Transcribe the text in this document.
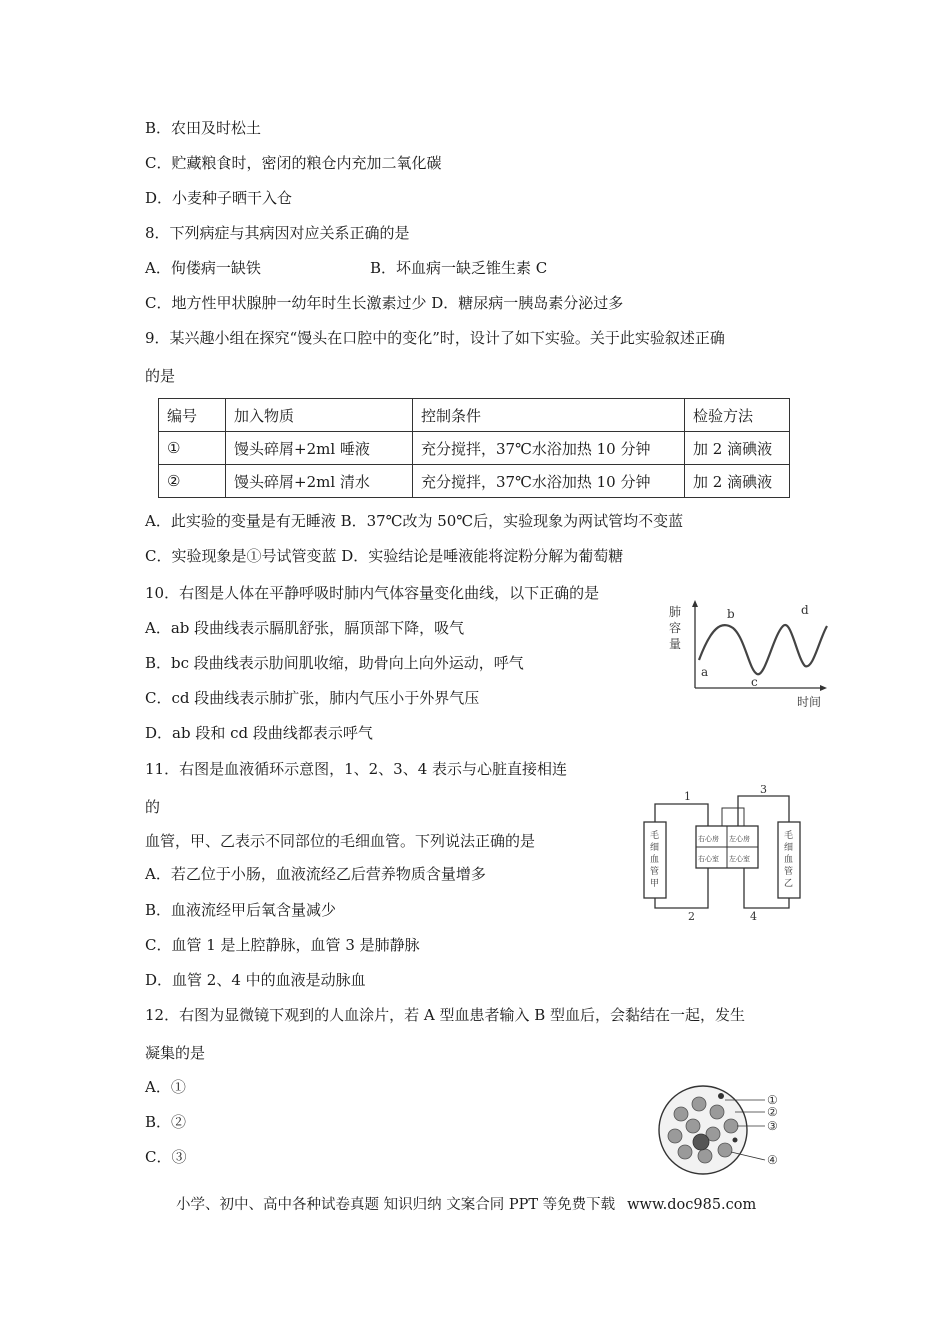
B．农田及时松土
C．贮藏粮食时，密闭的粮仓内充加二氧化碳
D．小麦种子晒干入仓
8．下列病症与其病因对应关系正确的是
A．佝偻病一缺铁	B．坏血病一缺乏锥生素 C
C．地方性甲状腺肿一幼年时生长激素过少 D．糖尿病一胰岛素分泌过多
9．某兴趣小组在探究“馒头在口腔中的变化”时，设计了如下实验。关于此实验叙述正确
的是
编号	加入物质	控制条件	检验方法
①	馒头碎屑+2ml 唾液	充分搅拌，37℃水浴加热 10 分钟	加 2 滴碘液
②	馒头碎屑+2ml 清水	充分搅拌，37℃水浴加热 10 分钟	加 2 滴碘液
A．此实验的变量是有无睡液 B．37℃改为 50℃后，实验现象为两试管均不变蓝
C．实验现象是①号试管变蓝 D．实验结论是唾液能将淀粉分解为葡萄糖
10．右图是人体在平静呼吸时肺内气体容量变化曲线，以下正确的是
A．ab 段曲线表示膈肌舒张，膈顶部下降，吸气
B．bc 段曲线表示肋间肌收缩，助骨向上向外运动，呼气
C．cd 段曲线表示肺扩张，肺内气压小于外界气压
D．ab 段和 cd 段曲线都表示呼气
11．右图是血液循环示意图，1、2、3、4 表示与心脏直接相连
的
血管，甲、乙表示不同部位的毛细血管。下列说法正确的是
A．若乙位于小肠，血液流经乙后营养物质含量增多
B．血液流经甲后氧含量减少
C．血管 1 是上腔静脉，血管 3 是肺静脉
D．血管 2、4 中的血液是动脉血
12．右图为显微镜下观到的人血涂片，若 A 型血患者输入 B 型血后，会黏结在一起，发生
凝集的是
A．①
B．②
C．③
肺
容
量
a
b
c
d
时间
1
3
2	4
右心房 左心房
右心室 左心室
毛
细
血
管
甲
毛
细
血
管
乙
①
②
③
④
小学、初中、高中各种试卷真题 知识归纳 文案合同 PPT 等免费下载 www.doc985.com
